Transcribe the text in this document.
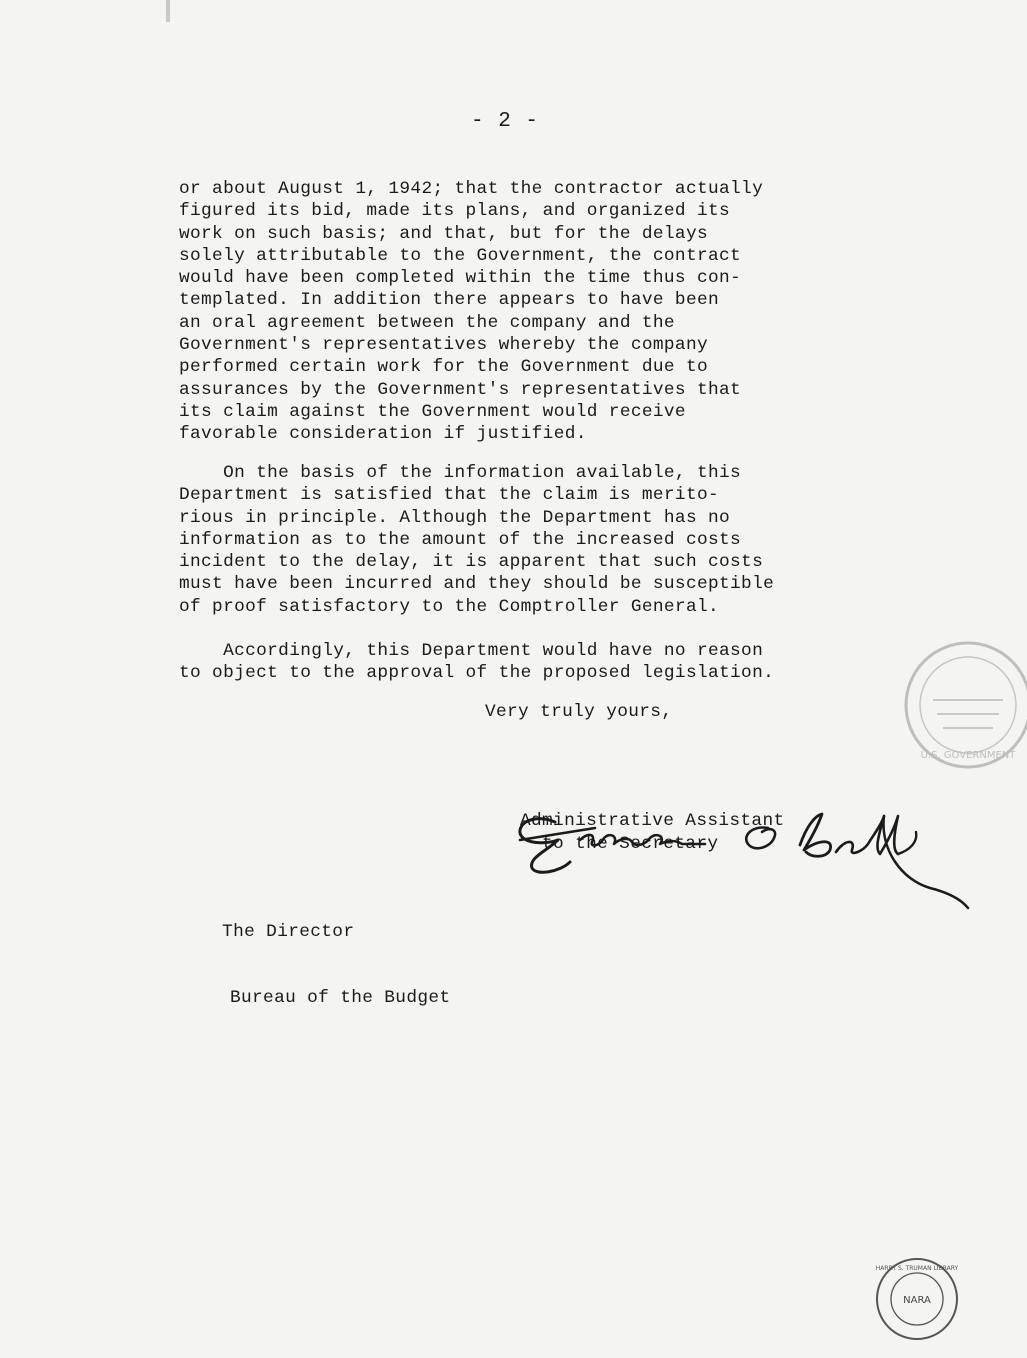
- 2 -
or about August 1, 1942; that the contractor actually
figured its bid, made its plans, and organized its
work on such basis; and that, but for the delays
solely attributable to the Government, the contract
would have been completed within the time thus con-
templated. In addition there appears to have been
an oral agreement between the company and the
Government's representatives whereby the company
performed certain work for the Government due to
assurances by the Government's representatives that
its claim against the Government would receive
favorable consideration if justified.

On the basis of the information available, this
Department is satisfied that the claim is merito-
rious in principle. Although the Department has no
information as to the amount of the increased costs
incident to the delay, it is apparent that such costs
must have been incurred and they should be susceptible
of proof satisfactory to the Comptroller General.

Accordingly, this Department would have no reason
to object to the approval of the proposed legislation.

Very truly yours,
Administrative Assistant
to the Secretary

The Director

Bureau of the Budget

U.S. GOVERNMENT
HARRY S. TRUMAN LIBRARY
NARA
